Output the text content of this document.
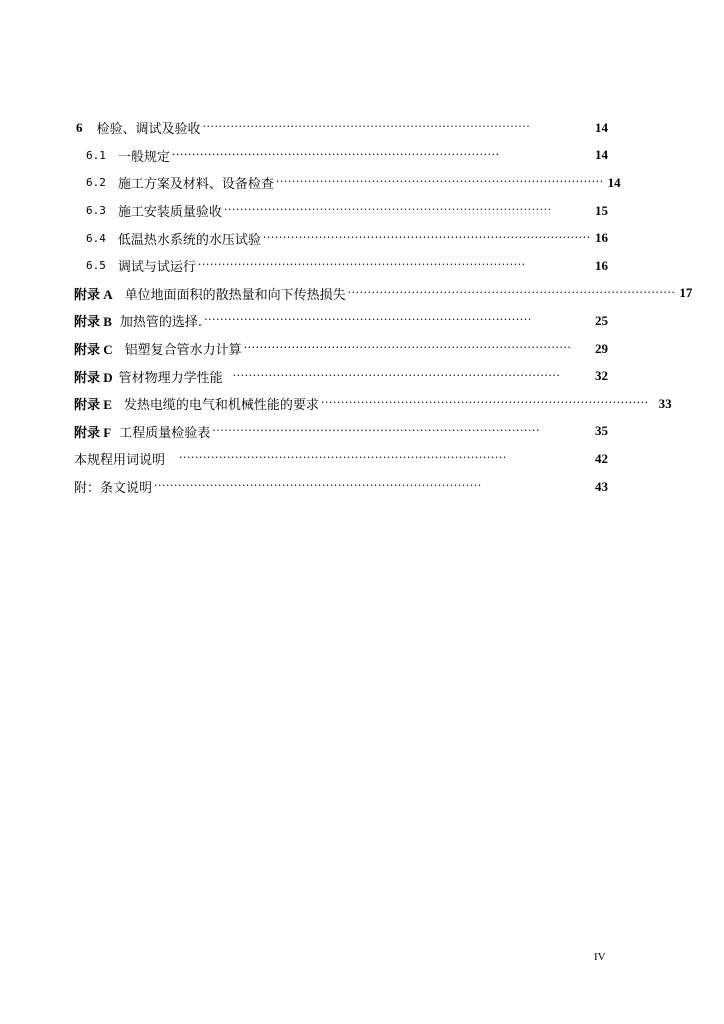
6 检验、调试及验收 ··················································································	14
6.1 一般规定 ··················································································	14
6.2 施工方案及材料、设备检查 ·················································································· 14
6.3 施工安装质量验收 ··················································································	15
6.4 低温热水系统的水压试验 ·················································································· 16
6.5 调试与试运行 ··················································································	16
附录 A 单位地面面积的散热量和向下传热损失 ·················································································· 17
附录 B 加热管的选择. ··················································································	25
附录 C 铝塑复合管水力计算 ··················································································	29
附录 D 管材物理力学性能 ··················································································	32
附录 E 发热电缆的电气和机械性能的要求 ·················································································· 33
附录 F 工程质量检验表 ··················································································	35
本规程用词说明 ··················································································	42
附：条文说明 ··················································································	43
IV
